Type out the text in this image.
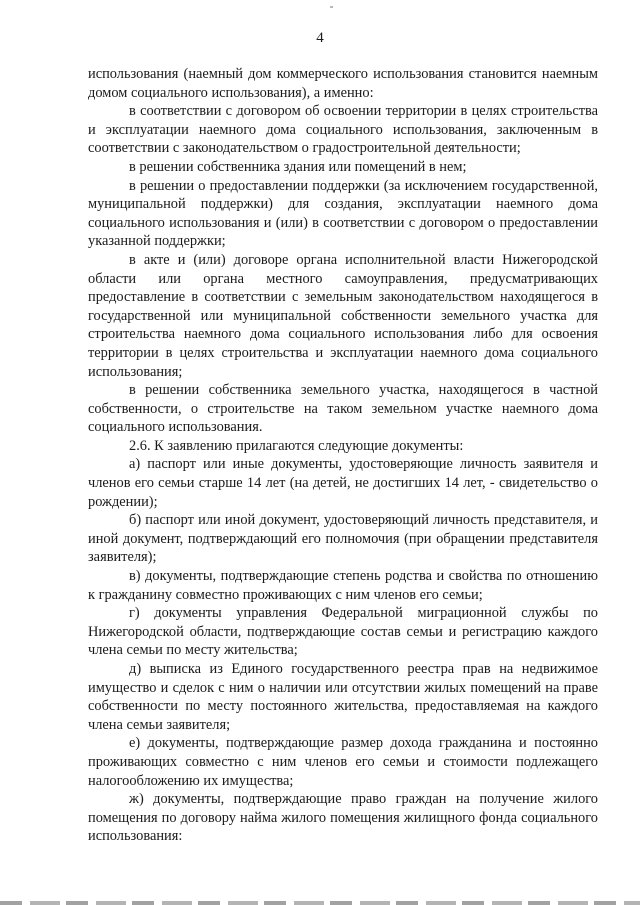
4

использования (наемный дом коммерческого использования становится наемным домом социального использования), а именно:

в соответствии с договором об освоении территории в целях строительства и эксплуатации наемного дома социального использования, заключенным в соответствии с законодательством о градостроительной деятельности;

в решении собственника здания или помещений в нем;

в решении о предоставлении поддержки (за исключением государственной, муниципальной поддержки) для создания, эксплуатации наемного дома социального использования и (или) в соответствии с договором о предоставлении указанной поддержки;

в акте и (или) договоре органа исполнительной власти Нижегородской области или органа местного самоуправления, предусматривающих предоставление в соответствии с земельным законодательством находящегося в государственной или муниципальной собственности земельного участка для строительства наемного дома социального использования либо для освоения территории в целях строительства и эксплуатации наемного дома социального использования;

в решении собственника земельного участка, находящегося в частной собственности, о строительстве на таком земельном участке наемного дома социального использования.

2.6. К заявлению прилагаются следующие документы:

а) паспорт или иные документы, удостоверяющие личность заявителя и членов его семьи старше 14 лет (на детей, не достигших 14 лет, - свидетельство о рождении);

б) паспорт или иной документ, удостоверяющий личность представителя, и иной документ, подтверждающий его полномочия (при обращении представителя заявителя);

в) документы, подтверждающие степень родства и свойства по отношению к гражданину совместно проживающих с ним членов его семьи;

г) документы управления Федеральной миграционной службы по Нижегородской области, подтверждающие состав семьи и регистрацию каждого члена семьи по месту жительства;

д) выписка из Единого государственного реестра прав на недвижимое имущество и сделок с ним о наличии или отсутствии жилых помещений на праве собственности по месту постоянного жительства, предоставляемая на каждого члена семьи заявителя;

е) документы, подтверждающие размер дохода гражданина и постоянно проживающих совместно с ним членов его семьи и стоимости подлежащего налогообложению их имущества;

ж) документы, подтверждающие право граждан на получение жилого помещения по договору найма жилого помещения жилищного фонда социального использования:
